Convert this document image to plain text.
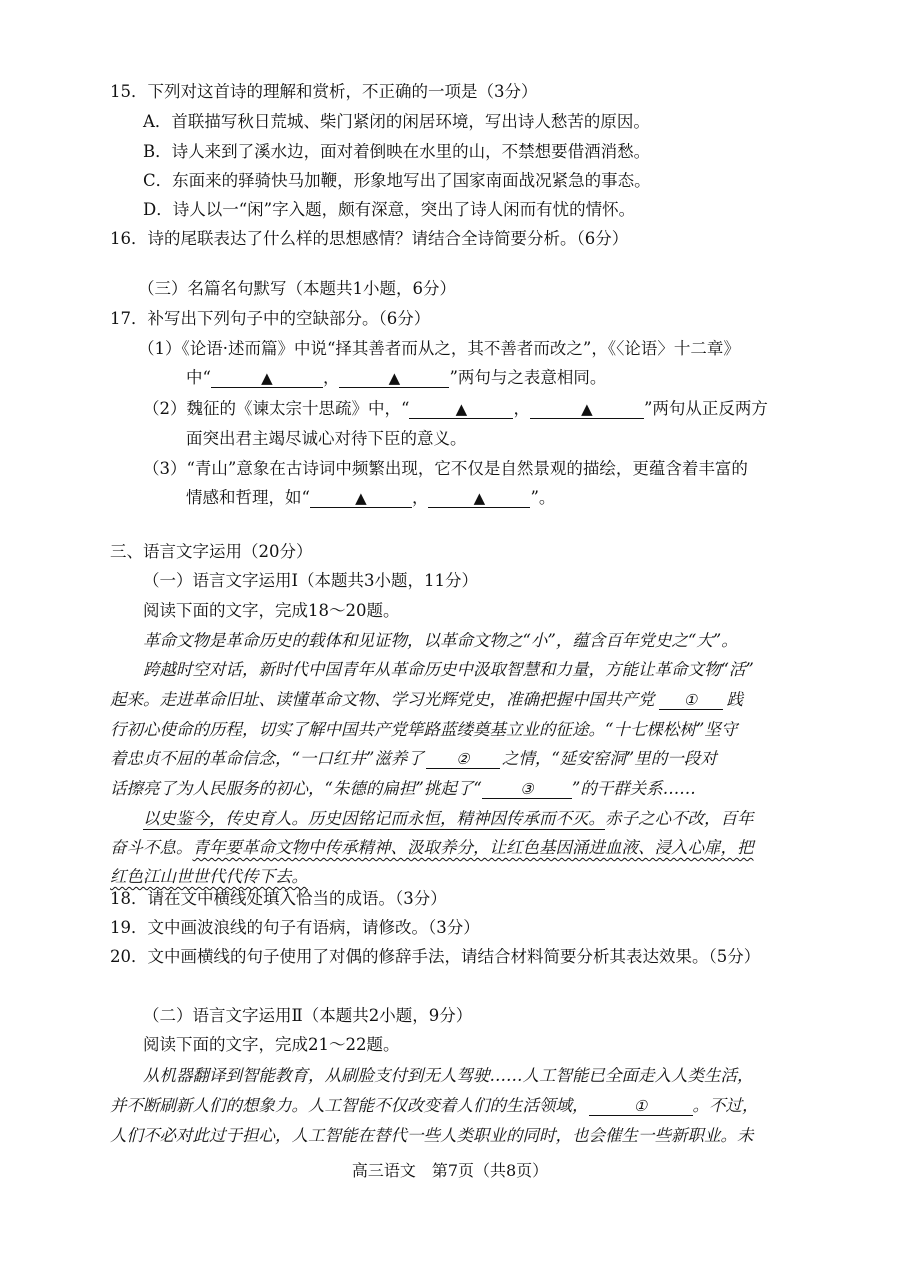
15．下列对这首诗的理解和赏析，不正确的一项是（3分）
A．首联描写秋日荒城、柴门紧闭的闲居环境，写出诗人愁苦的原因。
B．诗人来到了溪水边，面对着倒映在水里的山，不禁想要借酒消愁。
C．东面来的驿骑快马加鞭，形象地写出了国家南面战况紧急的事态。
D．诗人以一“闲”字入题，颇有深意，突出了诗人闲而有忧的情怀。
16．诗的尾联表达了什么样的思想感情？请结合全诗简要分析。（6分）
（三）名篇名句默写（本题共1小题，6分）
17．补写出下列句子中的空缺部分。（6分）
（1）《论语·述而篇》中说“择其善者而从之，其不善者而改之”，《〈论语〉十二章》
中“	▲	，	▲	”两句与之表意相同。
（2）魏征的《谏太宗十思疏》中，“	▲	，	▲	”两句从正反两方
面突出君主竭尽诚心对待下臣的意义。
（3）“青山”意象在古诗词中频繁出现，它不仅是自然景观的描绘，更蕴含着丰富的
情感和哲理，如“	▲	，	▲	”。
三、语言文字运用（20分）
（一）语言文字运用Ⅰ（本题共3小题，11分）
阅读下面的文字，完成18～20题。
革命文物是革命历史的载体和见证物，以革命文物之“小”，蕴含百年党史之“大”。
跨越时空对话，新时代中国青年从革命历史中汲取智慧和力量，方能让革命文物“活”
起来。走进革命旧址、读懂革命文物、学习光辉党史，准确把握中国共产党 ① 践
行初心使命的历程，切实了解中国共产党筚路蓝缕奠基立业的征途。“十七棵松树”坚守
着忠贞不屈的革命信念，“一口红井”滋养了 ② 之情，“延安窑洞”里的一段对
话擦亮了为人民服务的初心，“朱德的扁担”挑起了“	③ ”的干群关系……
以史鉴今，传史育人。历史因铭记而永恒，精神因传承而不灭。赤子之心不改，百年
奋斗不息。青年要革命文物中传承精神、汲取养分，让红色基因涌进血液、浸入心扉，把
红色江山世世代代传下去。
18．请在文中横线处填入恰当的成语。（3分）
19．文中画波浪线的句子有语病，请修改。（3分）
20．文中画横线的句子使用了对偶的修辞手法，请结合材料简要分析其表达效果。（5分）
（二）语言文字运用Ⅱ（本题共2小题，9分）
阅读下面的文字，完成21～22题。
从机器翻译到智能教育，从刷脸支付到无人驾驶……人工智能已全面走入人类生活，
并不断刷新人们的想象力。人工智能不仅改变着人们的生活领域，	①	。不过，
人们不必对此过于担心，人工智能在替代一些人类职业的同时，也会催生一些新职业。未
高三语文　第7页（共8页）
